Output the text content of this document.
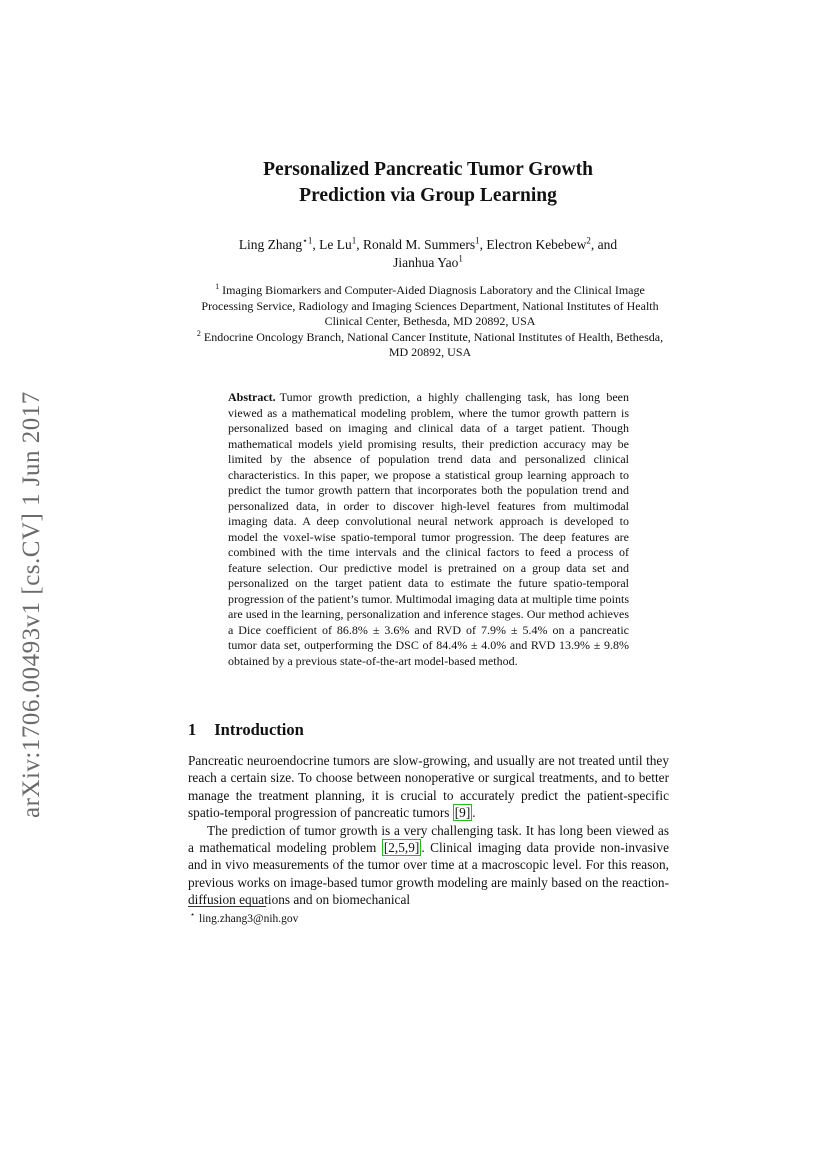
arXiv:1706.00493v1 [cs.CV] 1 Jun 2017
Personalized Pancreatic Tumor Growth
Prediction via Group Learning
Ling Zhang$^{⋆1}$, Le Lu$^1$, Ronald M. Summers$^1$, Electron Kebebew$^2$, and
Jianhua Yao$^1$
$^1$ Imaging Biomarkers and Computer-Aided Diagnosis Laboratory and the Clinical Image Processing Service, Radiology and Imaging Sciences Department, National Institutes of Health Clinical Center, Bethesda, MD 20892, USA
$^2$ Endocrine Oncology Branch, National Cancer Institute, National Institutes of Health, Bethesda, MD 20892, USA
Abstract. Tumor growth prediction, a highly challenging task, has long been viewed as a mathematical modeling problem, where the tumor growth pattern is personalized based on imaging and clinical data of a target patient. Though mathematical models yield promising results, their prediction accuracy may be limited by the absence of population trend data and personalized clinical characteristics. In this paper, we propose a statistical group learning approach to predict the tumor growth pattern that incorporates both the population trend and personalized data, in order to discover high-level features from multimodal imaging data. A deep convolutional neural network approach is developed to model the voxel-wise spatio-temporal tumor progression. The deep features are combined with the time intervals and the clinical factors to feed a process of feature selection. Our predictive model is pretrained on a group data set and personalized on the target patient data to estimate the future spatio-temporal progression of the patient’s tumor. Multimodal imaging data at multiple time points are used in the learning, personalization and inference stages. Our method achieves a Dice coefficient of 86.8% ± 3.6% and RVD of 7.9% ± 5.4% on a pancreatic tumor data set, outperforming the DSC of 84.4% ± 4.0% and RVD 13.9% ± 9.8% obtained by a previous state-of-the-art model-based method.
1 Introduction

Pancreatic neuroendocrine tumors are slow-growing, and usually are not treated until they reach a certain size. To choose between nonoperative or surgical treatments, and to better manage the treatment planning, it is crucial to accurately predict the patient-specific spatio-temporal progression of pancreatic tumors [9] .

The prediction of tumor growth is a very challenging task. It has long been viewed as a mathematical modeling problem [2,5,9] . Clinical imaging data provide non-invasive and in vivo measurements of the tumor over time at a macroscopic level. For this reason, previous works on image-based tumor growth modeling are mainly based on the reaction-diffusion equations and on biomechanical

⋆ ling.zhang3@nih.gov
